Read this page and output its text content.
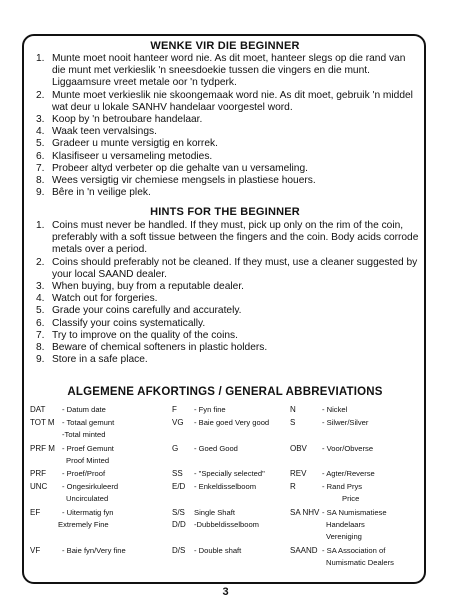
WENKE VIR DIE BEGINNER
1. Munte moet nooit hanteer word nie. As dit moet, hanteer slegs op die rand van die munt met verkieslik 'n sneesdoekie tussen die vingers en die munt. Liggaamsure vreet metale oor 'n tydperk.
2. Munte moet verkieslik nie skoongemaak word nie. As dit moet, gebruik 'n middel wat deur u lokale SANHV handelaar voorgestel word.
3. Koop by 'n betroubare handelaar.
4. Waak teen vervalsings.
5. Gradeer u munte versigtig en korrek.
6. Klasifiseer u versameling metodies.
7. Probeer altyd verbeter op die gehalte van u versameling.
8. Wees versigtig vir chemiese mengsels in plastiese houers.
9. Bêre in 'n veilige plek.
HINTS FOR THE BEGINNER
1. Coins must never be handled. If they must, pick up only on the rim of the coin, preferably with a soft tissue between the fingers and the coin. Body acids corrode metals over a period.
2. Coins should preferably not be cleaned. If they must, use a cleaner suggested by your local SAAND dealer.
3. When buying, buy from a reputable dealer.
4. Watch out for forgeries.
5. Grade your coins carefully and accurately.
6. Classify your coins systematically.
7. Try to improve on the quality of the coins.
8. Beware of chemical softeners in plastic holders.
9. Store in a safe place.
ALGEMENE AFKORTINGS / GENERAL ABBREVIATIONS
DAT - Datum date
TOT M - Totaal gemunt
-Total minted
PRF M - Proef Gemunt
Proof Minted
PRF - Proef/Proof
UNC - Ongesirkuleerd
Uncirculated
EF	- Uitermatig fyn
Extremely Fine
VF	- Baie fyn/Very fine
F - Fyn fine
VG - Baie goed Very good
G - Goed Good
SS - "Specially selected"
E/D - Enkeldisselboom
S/S Single Shaft
D/D -Dubbeldisselboom
D/S - Double shaft
N	- Nickel
S	- Silwer/Silver
OBV - Voor/Obverse
REV - Agter/Reverse
R	- Rand Prys
Price
SA NHV - SA Numismatiese
Handelaars
Vereniging
SAAND - SA Association of
Numismatic Dealers
3
